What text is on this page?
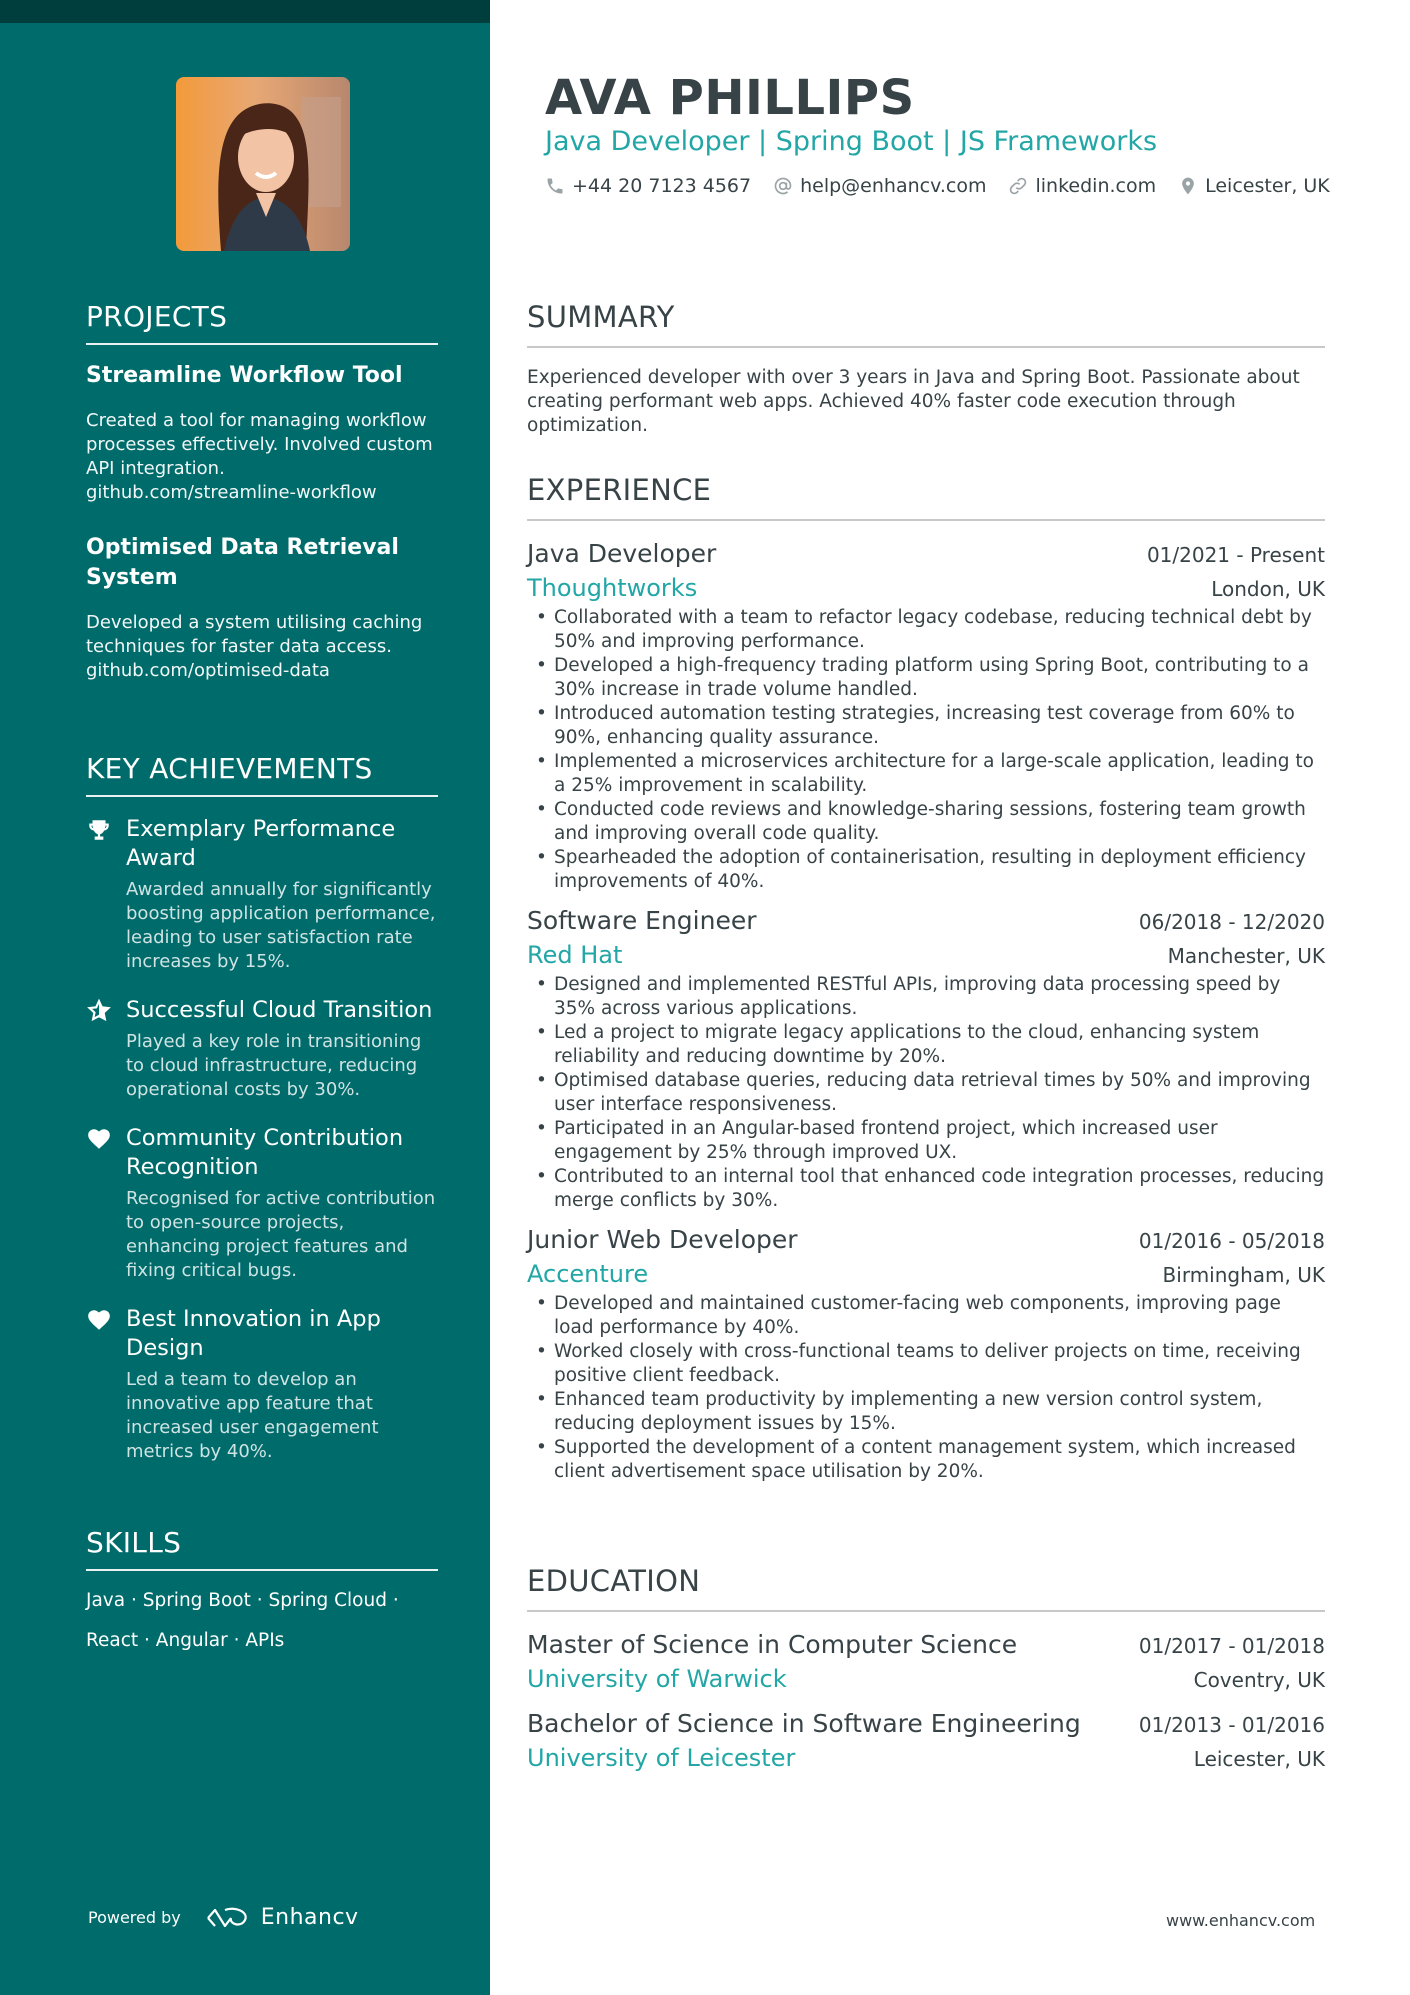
PROJECTS
Streamline Workflow Tool
Created a tool for managing workflow processes effectively. Involved custom API integration. github.com/streamline-workflow
Optimised Data Retrieval System
Developed a system utilising caching techniques for faster data access. github.com/optimised-data
KEY ACHIEVEMENTS
Exemplary Performance Award
Awarded annually for significantly boosting application performance, leading to user satisfaction rate increases by 15%.
Successful Cloud Transition
Played a key role in transitioning to cloud infrastructure, reducing operational costs by 30%.
Community Contribution Recognition
Recognised for active contribution to open-source projects, enhancing project features and fixing critical bugs.
Best Innovation in App Design
Led a team to develop an innovative app feature that increased user engagement metrics by 40%.
SKILLS
Java · Spring Boot · Spring Cloud ·
React · Angular · APIs
Powered by	Enhancv
AVA PHILLIPS
Java Developer | Spring Boot | JS Frameworks
+44 20 7123 4567	help@enhancv.com	linkedin.com	Leicester, UK
SUMMARY

Experienced developer with over 3 years in Java and Spring Boot. Passionate about creating performant web apps. Achieved 40% faster code execution through optimization.

EXPERIENCE
Java Developer	01/2021 - Present
Thoughtworks	London, UK
• Collaborated with a team to refactor legacy codebase, reducing technical debt by 50% and improving performance.
• Developed a high-frequency trading platform using Spring Boot, contributing to a 30% increase in trade volume handled.
• Introduced automation testing strategies, increasing test coverage from 60% to 90%, enhancing quality assurance.
• Implemented a microservices architecture for a large-scale application, leading to a 25% improvement in scalability.
• Conducted code reviews and knowledge-sharing sessions, fostering team growth and improving overall code quality.
• Spearheaded the adoption of containerisation, resulting in deployment efficiency improvements of 40%.
Software Engineer	06/2018 - 12/2020
Red Hat	Manchester, UK
• Designed and implemented RESTful APIs, improving data processing speed by 35% across various applications.
• Led a project to migrate legacy applications to the cloud, enhancing system reliability and reducing downtime by 20%.
• Optimised database queries, reducing data retrieval times by 50% and improving user interface responsiveness.
• Participated in an Angular-based frontend project, which increased user engagement by 25% through improved UX.
• Contributed to an internal tool that enhanced code integration processes, reducing merge conflicts by 30%.
Junior Web Developer	01/2016 - 05/2018
Accenture	Birmingham, UK
• Developed and maintained customer-facing web components, improving page load performance by 40%.
• Worked closely with cross-functional teams to deliver projects on time, receiving positive client feedback.
• Enhanced team productivity by implementing a new version control system, reducing deployment issues by 15%.
• Supported the development of a content management system, which increased client advertisement space utilisation by 20%.
EDUCATION
Master of Science in Computer Science	01/2017 - 01/2018
University of Warwick	Coventry, UK
Bachelor of Science in Software Engineering	01/2013 - 01/2016
University of Leicester	Leicester, UK
www.enhancv.com
